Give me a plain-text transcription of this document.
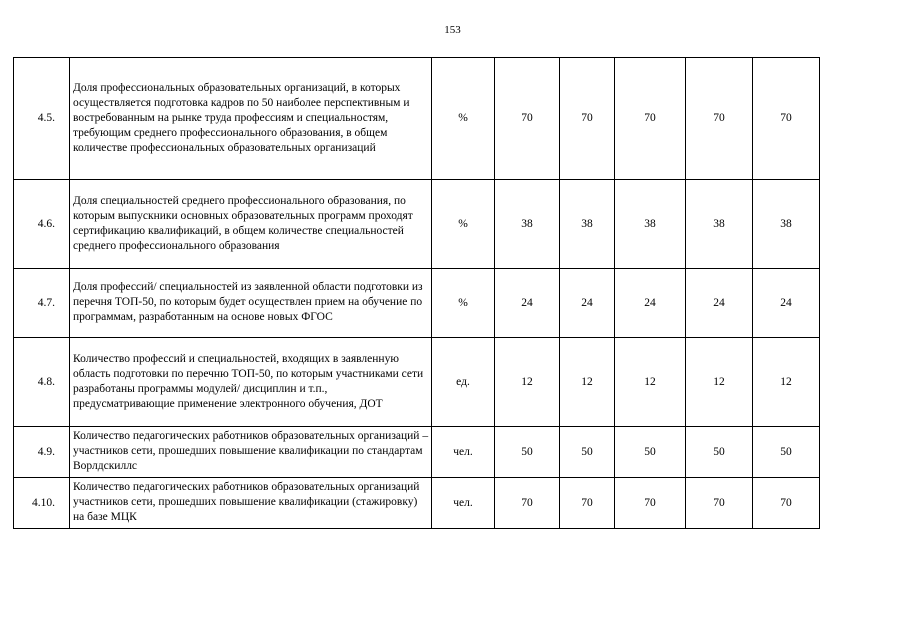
153
4.5.	Доля профессиональных образовательных организаций, в которых осуществляется подготовка кадров по 50 наиболее перспективным и востребованным на рынке труда профессиям и специальностям, требующим среднего профессионального образования, в общем количестве профессиональных образовательных организаций	%	70	70	70	70	70
4.6.	Доля специальностей среднего профессионального образования, по которым выпускники основных образовательных программ проходят сертификацию квалификаций, в общем количестве специальностей среднего профессионального образования	%	38	38	38	38	38
4.7.	Доля профессий/ специальностей из заявленной области подготовки из перечня ТОП-50, по которым будет осуществлен прием на обучение по программам, разработанным на основе новых ФГОС	%	24	24	24	24	24
4.8.	Количество профессий и специальностей, входящих в заявленную область подготовки по перечню ТОП-50, по которым участниками сети разработаны программы модулей/ дисциплин и т.п., предусматривающие применение электронного обучения, ДОТ	ед.	12	12	12	12	12
4.9.	Количество педагогических работников образовательных организаций –участников сети, прошедших повышение квалификации по стандартам Ворлдскиллс	чел.	50	50	50	50	50
4.10.	Количество педагогических работников образовательных организаций участников сети, прошедших повышение квалификации (стажировку) на базе МЦК	чел.	70	70	70	70	70
